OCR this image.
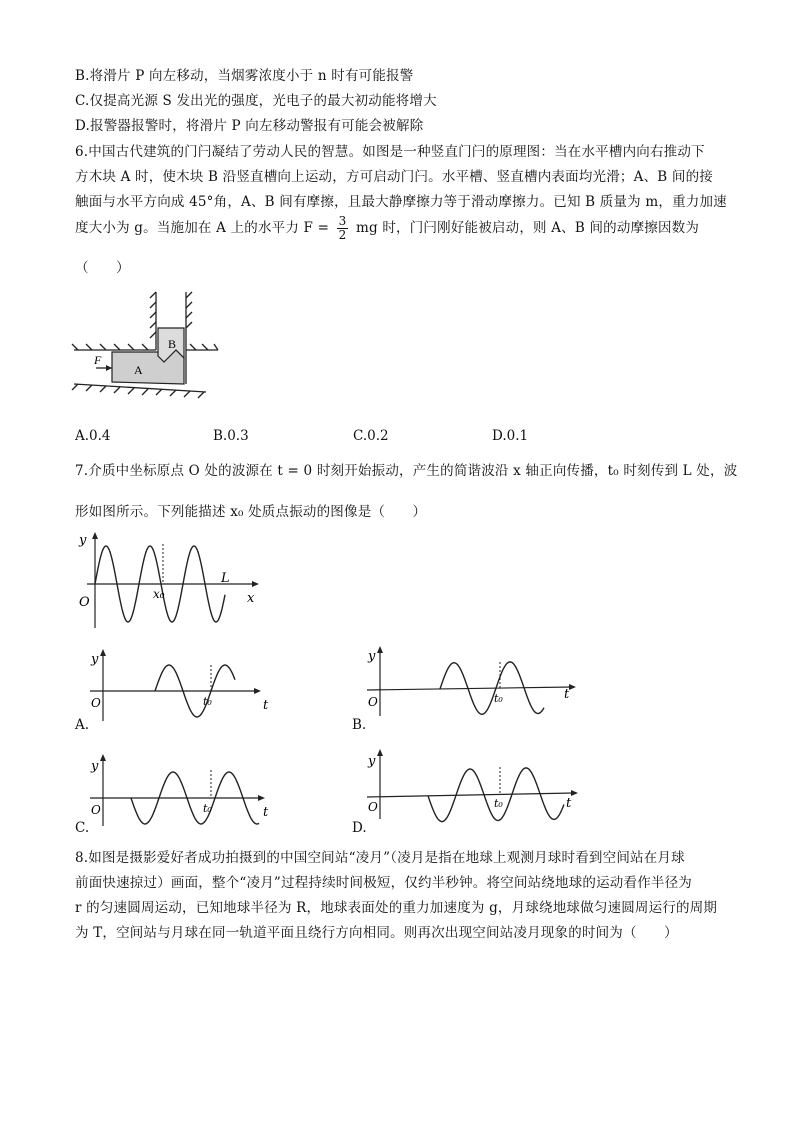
B.将滑片 P 向左移动，当烟雾浓度小于 n 时有可能报警
C.仅提高光源 S 发出光的强度，光电子的最大初动能将增大
D.报警器报警时，将滑片 P 向左移动警报有可能会被解除
6.中国古代建筑的门闩凝结了劳动人民的智慧。如图是一种竖直门闩的原理图：当在水平槽内向右推动下
方木块 A 时，使木块 B 沿竖直槽向上运动，方可启动门闩。水平槽、竖直槽内表面均光滑；A、B 间的接
触面与水平方向成 45°角，A、B 间有摩擦，且最大静摩擦力等于滑动摩擦力。已知 B 质量为 m，重力加速
度大小为 g。当施加在 A 上的水平力 $F = \frac{3}{2}$ mg 时，门闩刚好能被启动，则 A、B 间的动摩擦因数为
（　　）
F
A
B
A.0.4	B.0.3	C.0.2	D.0.1
7.介质中坐标原点 O 处的波源在 t = 0 时刻开始振动，产生的简谐波沿 x 轴正向传播，t₀ 时刻传到 L 处，波
形如图所示。下列能描述 x₀ 处质点振动的图像是（　　）
y
x
O
x₀
L
y
t
O	t₀
A.
y
t
O	t₀
B.
y
t
O	t₀
C.
y
t
O	t₀
D.
8.如图是摄影爱好者成功拍摄到的中国空间站“凌月”（凌月是指在地球上观测月球时看到空间站在月球
前面快速掠过）画面，整个“凌月”过程持续时间极短，仅约半秒钟。将空间站绕地球的运动看作半径为
r 的匀速圆周运动，已知地球半径为 R，地球表面处的重力加速度为 g，月球绕地球做匀速圆周运行的周期
为 T，空间站与月球在同一轨道平面且绕行方向相同。则再次出现空间站凌月现象的时间为（　　）
